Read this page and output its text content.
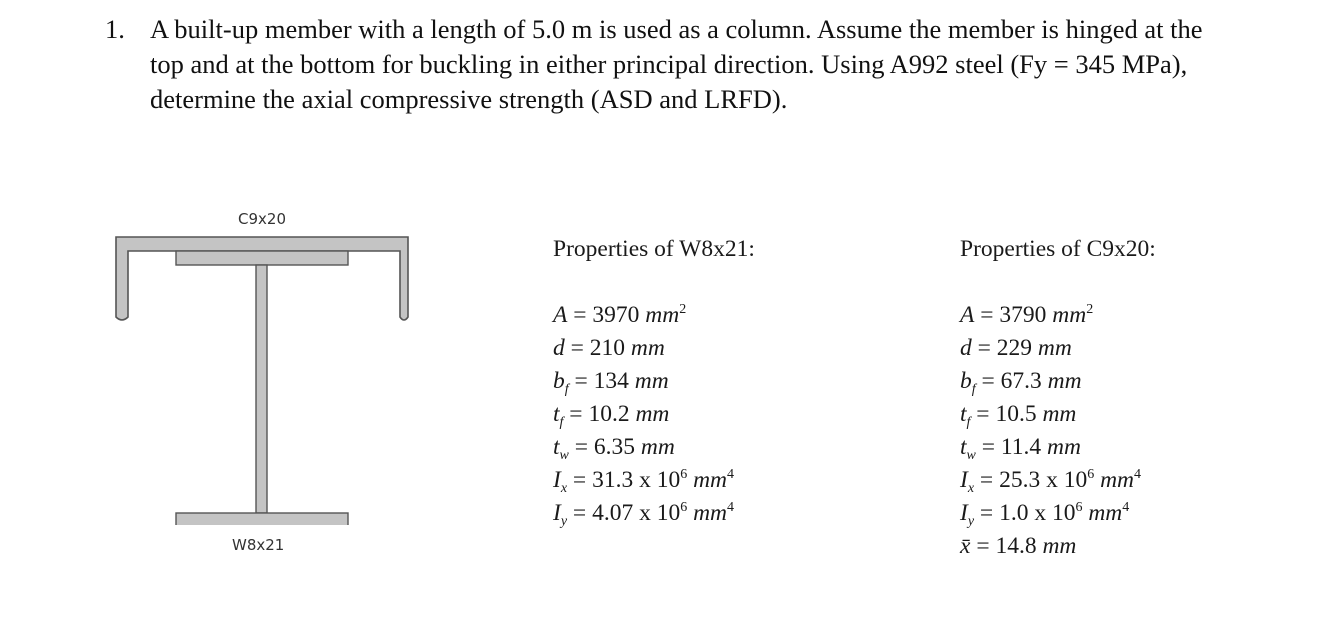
1. A built-up member with a length of 5.0 m is used as a column. Assume the member is hinged at the top and at the bottom for buckling in either principal direction. Using A992 steel (Fy = 345 MPa), determine the axial compressive strength (ASD and LRFD).
C9x20
W8x21
Properties of W8x21:
A = 3970 $mm^2$
d = 210 mm
$b_f = 134$ mm
$t_f = 10.2$ mm
$t_w = 6.35$ mm
$I_x = 31.3$ x $10^6$ $mm^4$
$I_y = 4.07$ x $10^6$ $mm^4$
Properties of C9x20:
A = 3790 $mm^2$
d = 229 mm
$b_f = 67.3$ mm
$t_f = 10.5$ mm
$t_w = 11.4$ mm
$I_x = 25.3$ x $10^6$ $mm^4$
$I_y = 1.0$ x $10^6$ $mm^4$
x̄ = 14.8 mm
